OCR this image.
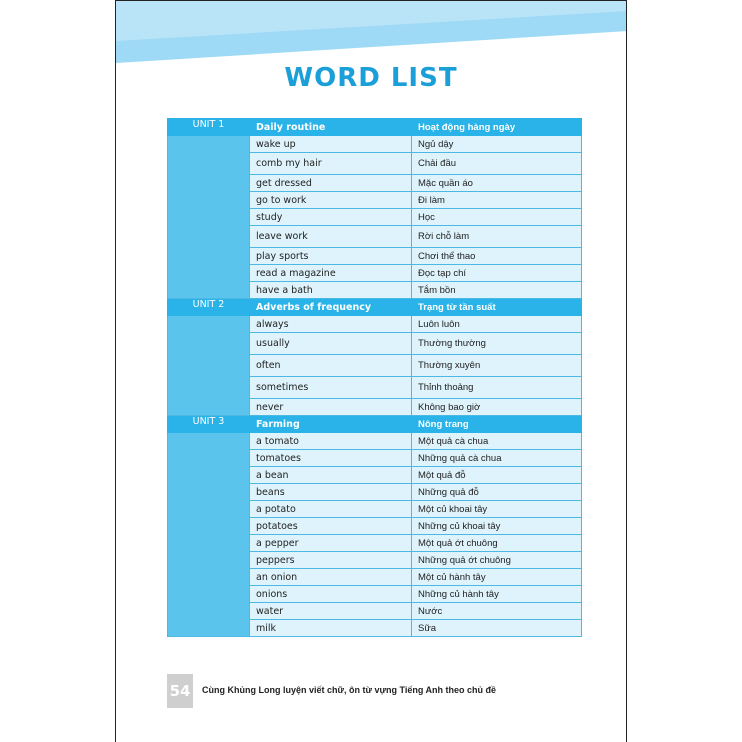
WORD LIST
UNIT 1	Daily routine	Hoạt động hàng ngày
	wake up	Ngủ dậy
	comb my hair	Chải đầu
	get dressed	Mặc quần áo
	go to work	Đi làm
	study	Học
	leave work	Rời chỗ làm
	play sports	Chơi thể thao
	read a magazine	Đọc tạp chí
	have a bath	Tắm bồn
UNIT 2	Adverbs of frequency	Trạng từ tần suất
	always	Luôn luôn
	usually	Thường thường
	often	Thường xuyên
	sometimes	Thỉnh thoảng
	never	Không bao giờ
UNIT 3	Farming	Nông trang
	a tomato	Một quả cà chua
	tomatoes	Những quả cà chua
	a bean	Một quả đỗ
	beans	Những quả đỗ
	a potato	Một củ khoai tây
	potatoes	Những củ khoai tây
	a pepper	Một quả ớt chuông
	peppers	Những quả ớt chuông
	an onion	Một củ hành tây
	onions	Những củ hành tây
	water	Nước
	milk	Sữa
54 Cùng Khủng Long luyện viết chữ, ôn từ vựng Tiếng Anh theo chủ đề
